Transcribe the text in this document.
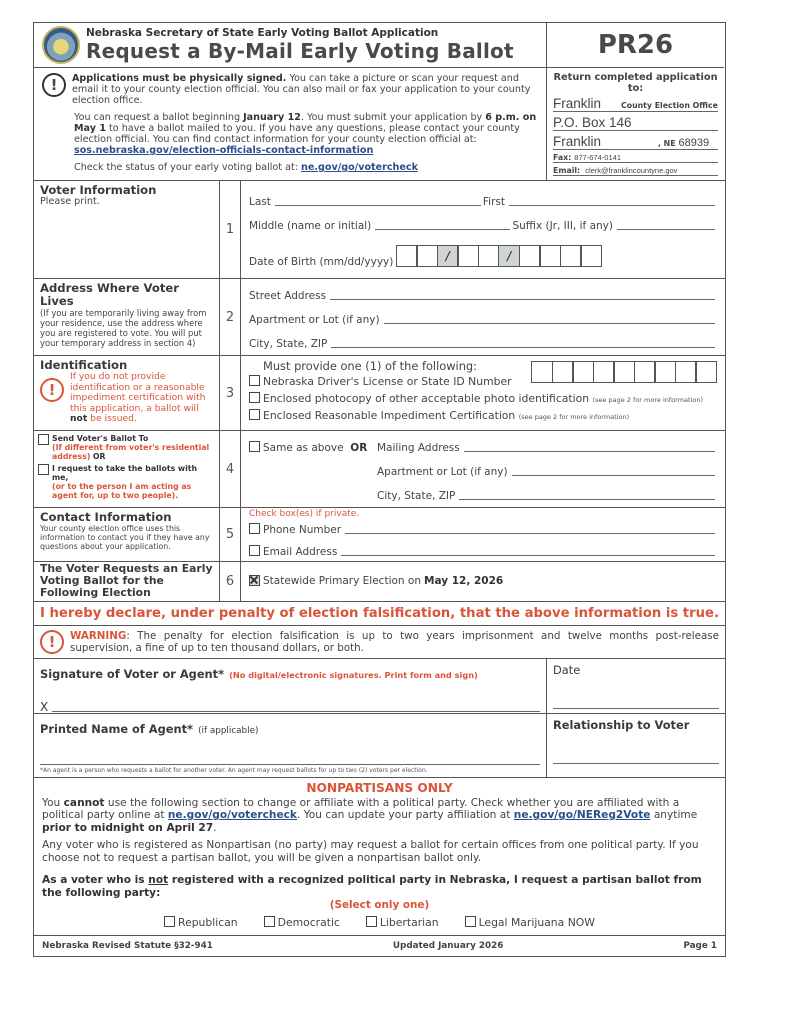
Nebraska Secretary of State Early Voting Ballot Application
Request a By-Mail Early Voting Ballot
!	Applications must be physically signed. You can take a picture or scan your request and email it to your county election official. You can also mail or fax your application to your county election office.

You can request a ballot beginning January 12. You must submit your application by 6 p.m. on May 1 to have a ballot mailed to you. If you have any questions, please contact your county election official. You can find contact information for your county election official at:
sos.nebraska.gov/election-officials-contact-information

Check the status of your early voting ballot at: ne.gov/go/votercheck

PR26
Return completed application to:
Franklin	County Election Office
P.O. Box 146
Franklin	, NE 68939
Fax: 877-674-0141
Email: clerk@franklincountyne.gov
Voter Information
Please print.
1
Last	First
Middle (name or initial)	Suffix (Jr, III, if any)
Date of Birth (mm/dd/yyyy)	/	/
Address Where Voter Lives
(If you are temporarily living away from your residence, use the address where you are registered to vote. You will put your temporary address in section 4)
2
Street Address
Apartment or Lot (if any)
City, State, ZIP
Identification
!
If you do not provide identification or a reasonable impediment certification with this application, a ballot will not be issued.
3
Must provide one (1) of the following:
Nebraska Driver's License or State ID Number
Enclosed photocopy of other acceptable photo identification (see page 2 for more information)
Enclosed Reasonable Impediment Certification (see page 2 for more information)
Send Voter's Ballot To
(If different from voter's residential address) OR
I request to take the ballots with me,
(or to the person I am acting as agent for, up to two people).
4
Same as above OR Mailing Address
Apartment or Lot (if any)
City, State, ZIP
Contact Information
Your county election office uses this information to contact you if they have any questions about your application.
5
Check box(es) if private.
Phone Number
Email Address
The Voter Requests an Early Voting Ballot for the Following Election
6	Statewide Primary Election on May 12, 2026
I hereby declare, under penalty of election falsification, that the above information is true.
!	WARNING: The penalty for election falsification is up to two years imprisonment and twelve months post-release supervision, a fine of up to ten thousand dollars, or both.
Signature of Voter or Agent* (No digital/electronic signatures. Print form and sign)
X
Date
Printed Name of Agent* (if applicable)
*An agent is a person who requests a ballot for another voter. An agent may request ballots for up to two (2) voters per election.
Relationship to Voter
NONPARTISANS ONLY

You cannot use the following section to change or affiliate with a political party. Check whether you are affiliated with a political party online at ne.gov/go/votercheck. You can update your party affiliation at ne.gov/go/NEReg2Vote anytime prior to midnight on April 27.

Any voter who is registered as Nonpartisan (no party) may request a ballot for certain offices from one political party. If you choose not to request a partisan ballot, you will be given a nonpartisan ballot only.

As a voter who is not registered with a recognized political party in Nebraska, I request a partisan ballot from the following party:

(Select only one)
Republican	Democratic	Libertarian	Legal Marijuana NOW
Nebraska Revised Statute §32-941	Updated January 2026	Page 1
